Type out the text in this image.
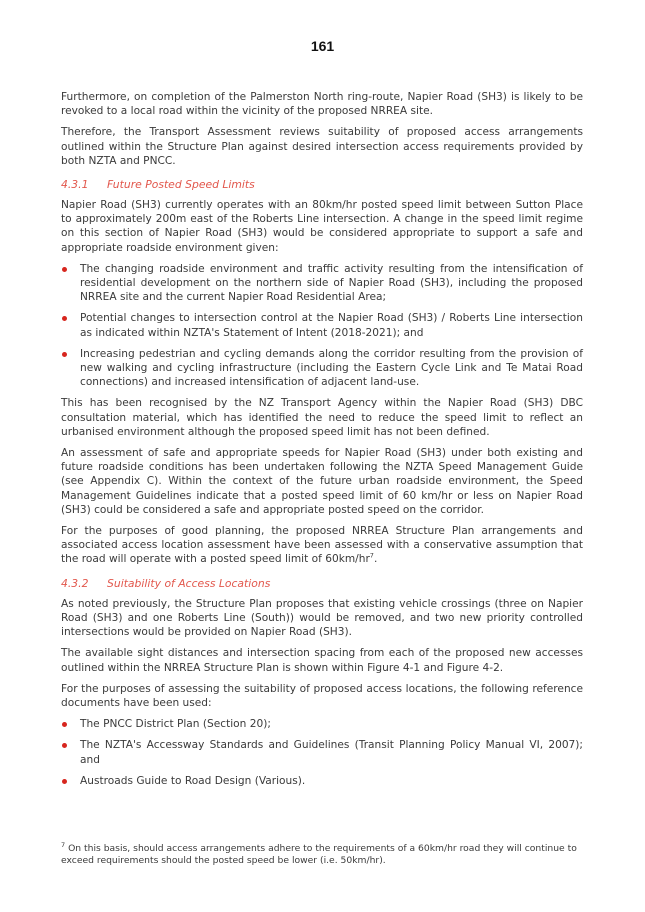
161

Furthermore, on completion of the Palmerston North ring-route, Napier Road (SH3) is likely to be revoked to a local road within the vicinity of the proposed NRREA site.

Therefore, the Transport Assessment reviews suitability of proposed access arrangements outlined within the Structure Plan against desired intersection access requirements provided by both NZTA and PNCC.

4.3.1 Future Posted Speed Limits

Napier Road (SH3) currently operates with an 80km/hr posted speed limit between Sutton Place to approximately 200m east of the Roberts Line intersection. A change in the speed limit regime on this section of Napier Road (SH3) would be considered appropriate to support a safe and appropriate roadside environment given:

The changing roadside environment and traffic activity resulting from the intensification of residential development on the northern side of Napier Road (SH3), including the proposed NRREA site and the current Napier Road Residential Area;
Potential changes to intersection control at the Napier Road (SH3) / Roberts Line intersection as indicated within NZTA's Statement of Intent (2018-2021); and
Increasing pedestrian and cycling demands along the corridor resulting from the provision of new walking and cycling infrastructure (including the Eastern Cycle Link and Te Matai Road connections) and increased intensification of adjacent land-use.

This has been recognised by the NZ Transport Agency within the Napier Road (SH3) DBC consultation material, which has identified the need to reduce the speed limit to reflect an urbanised environment although the proposed speed limit has not been defined.

An assessment of safe and appropriate speeds for Napier Road (SH3) under both existing and future roadside conditions has been undertaken following the NZTA Speed Management Guide (see Appendix C). Within the context of the future urban roadside environment, the Speed Management Guidelines indicate that a posted speed limit of 60 km/hr or less on Napier Road (SH3) could be considered a safe and appropriate posted speed on the corridor.

For the purposes of good planning, the proposed NRREA Structure Plan arrangements and associated access location assessment have been assessed with a conservative assumption that the road will operate with a posted speed limit of $60km/hr^7$.

4.3.2 Suitability of Access Locations

As noted previously, the Structure Plan proposes that existing vehicle crossings (three on Napier Road (SH3) and one Roberts Line (South)) would be removed, and two new priority controlled intersections would be provided on Napier Road (SH3).

The available sight distances and intersection spacing from each of the proposed new accesses outlined within the NRREA Structure Plan is shown within Figure 4-1 and Figure 4-2.

For the purposes of assessing the suitability of proposed access locations, the following reference documents have been used:

The PNCC District Plan (Section 20);
The NZTA's Accessway Standards and Guidelines (Transit Planning Policy Manual VI, 2007); and
Austroads Guide to Road Design (Various).
$^7$ On this basis, should access arrangements adhere to the requirements of a 60km/hr road they will continue to exceed requirements should the posted speed be lower (i.e. 50km/hr).
